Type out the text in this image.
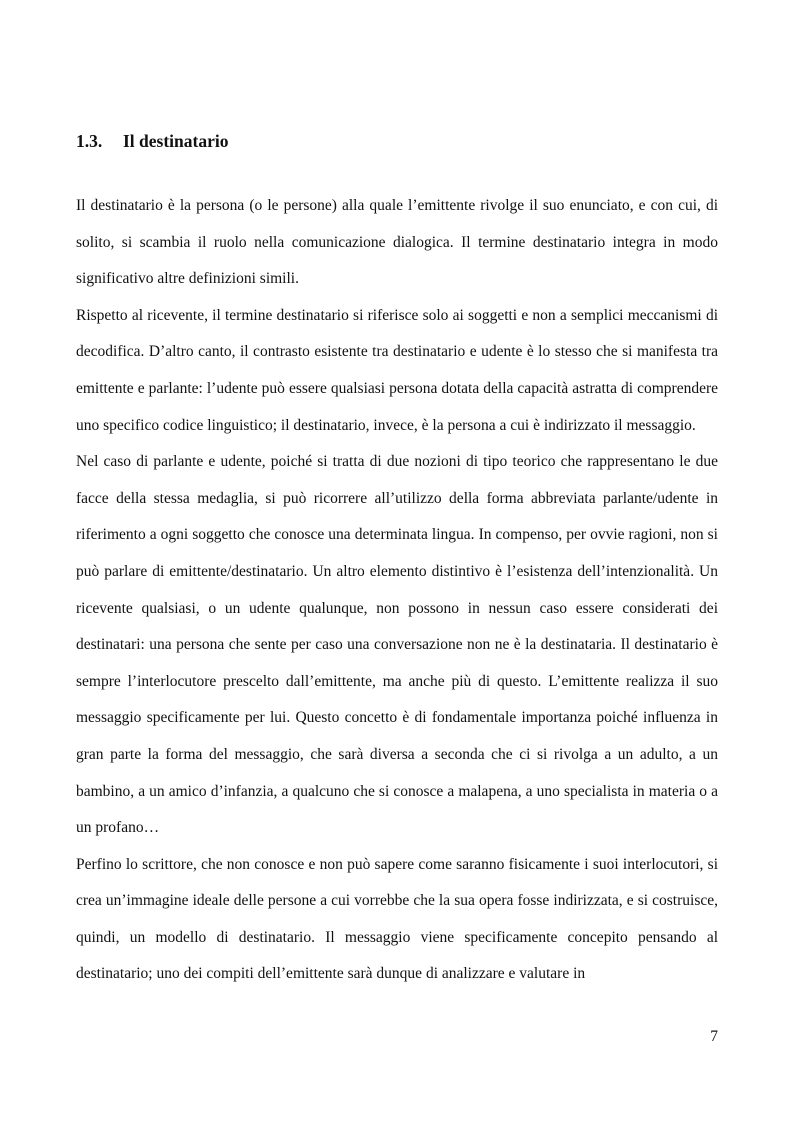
1.3. Il destinatario

Il destinatario è la persona (o le persone) alla quale l’emittente rivolge il suo enunciato, e con cui, di solito, si scambia il ruolo nella comunicazione dialogica. Il termine destinatario integra in modo significativo altre definizioni simili.

Rispetto al ricevente, il termine destinatario si riferisce solo ai soggetti e non a semplici meccanismi di decodifica. D’altro canto, il contrasto esistente tra destinatario e udente è lo stesso che si manifesta tra emittente e parlante: l’udente può essere qualsiasi persona dotata della capacità astratta di comprendere uno specifico codice linguistico; il destinatario, invece, è la persona a cui è indirizzato il messaggio.

Nel caso di parlante e udente, poiché si tratta di due nozioni di tipo teorico che rappresentano le due facce della stessa medaglia, si può ricorrere all’utilizzo della forma abbreviata parlante/udente in riferimento a ogni soggetto che conosce una determinata lingua. In compenso, per ovvie ragioni, non si può parlare di emittente/destinatario. Un altro elemento distintivo è l’esistenza dell’intenzionalità. Un ricevente qualsiasi, o un udente qualunque, non possono in nessun caso essere considerati dei destinatari: una persona che sente per caso una conversazione non ne è la destinataria. Il destinatario è sempre l’interlocutore prescelto dall’emittente, ma anche più di questo. L’emittente realizza il suo messaggio specificamente per lui. Questo concetto è di fondamentale importanza poiché influenza in gran parte la forma del messaggio, che sarà diversa a seconda che ci si rivolga a un adulto, a un bambino, a un amico d’infanzia, a qualcuno che si conosce a malapena, a uno specialista in materia o a un profano…

Perfino lo scrittore, che non conosce e non può sapere come saranno fisicamente i suoi interlocutori, si crea un’immagine ideale delle persone a cui vorrebbe che la sua opera fosse indirizzata, e si costruisce, quindi, un modello di destinatario. Il messaggio viene specificamente concepito pensando al destinatario; uno dei compiti dell’emittente sarà dunque di analizzare e valutare in

7
